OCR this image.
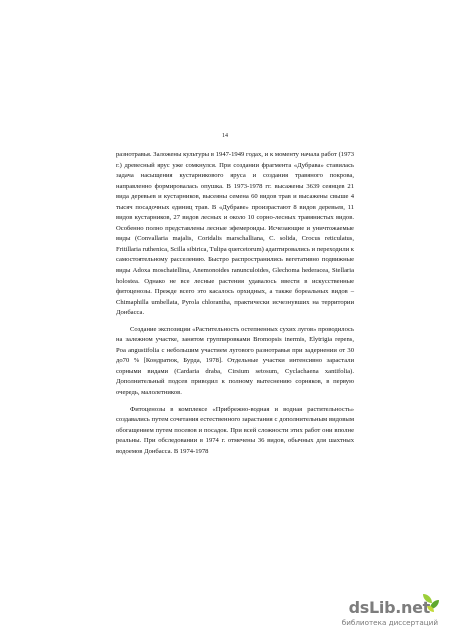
14

разнотравья. Заложены культуры в 1947-1949 годах, и к моменту начала работ (1973 г.) древесный ярус уже сомкнулся. При создании фрагмента «Дубрава» ставилась задача насыщения кустарникового яруса и создания травяного покрова, направленно формировалась опушка. В 1973-1978 гг. высажены 3639 сеянцев 21 вида деревьев и кустарников, высеяны семена 60 видов трав и высажены свыше 4 тысяч посадочных единиц трав. В «Дубраве» произрастают 8 видов деревьев, 11 видов кустарников, 27 видов лесных и около 10 сорно-лесных травянистых видов. Особенно полно представлены лесные эфемероиды. Исчезающие и уничтожаемые виды (Convallaria majalis, Coridalis marschalliana, C. solida, Crocus reticulatus, Fritillaria ruthenica, Scilla sibirica, Tulipa quercetorum) адаптировались и переходили к самостоятельному расселению. Быстро распространились вегетативно подвижные виды Adoxa moschatellina, Anemonoides ranunculoides, Glechoma hederacea, Stellaria holostea. Однако не все лесные растения удавалось ввести в искусственные фитоценозы. Прежде всего это касалось орхидных, а также бореальных видов – Chimaphilla umbellata, Pyrola chlorantha, практически исчезнувших на территории Донбасса.

Создание экспозиции «Растительность остепненных сухих лугов» проводилось на залежном участке, занятом группировками Bromopsis inermis, Elytrigia repens, Poa angustifolia с небольшим участием лугового разнотравья при задернении от 30 до70 % [Кондратюк, Бурда, 1978]. Отдельные участки интенсивно зарастали сорными видами (Cardaria draba, Cirsium setosum, Cyclachaena xantifolia). Дополнительный подсев приводил к полному вытеснению сорняков, в первую очередь, малолетников.

Фитоценозы в комплексе «Прибрежно-водная и водная растительность» создавались путем сочетания естественного зарастания с дополнительным видовым обогащением путем посевов и посадок. При всей сложности этих работ они вполне реальны. При обследовании в 1974 г. отмечены 36 видов, обычных для шахтных водоемов Донбасса. В 1974-1978

dsLib.net
библиотека диссертаций
